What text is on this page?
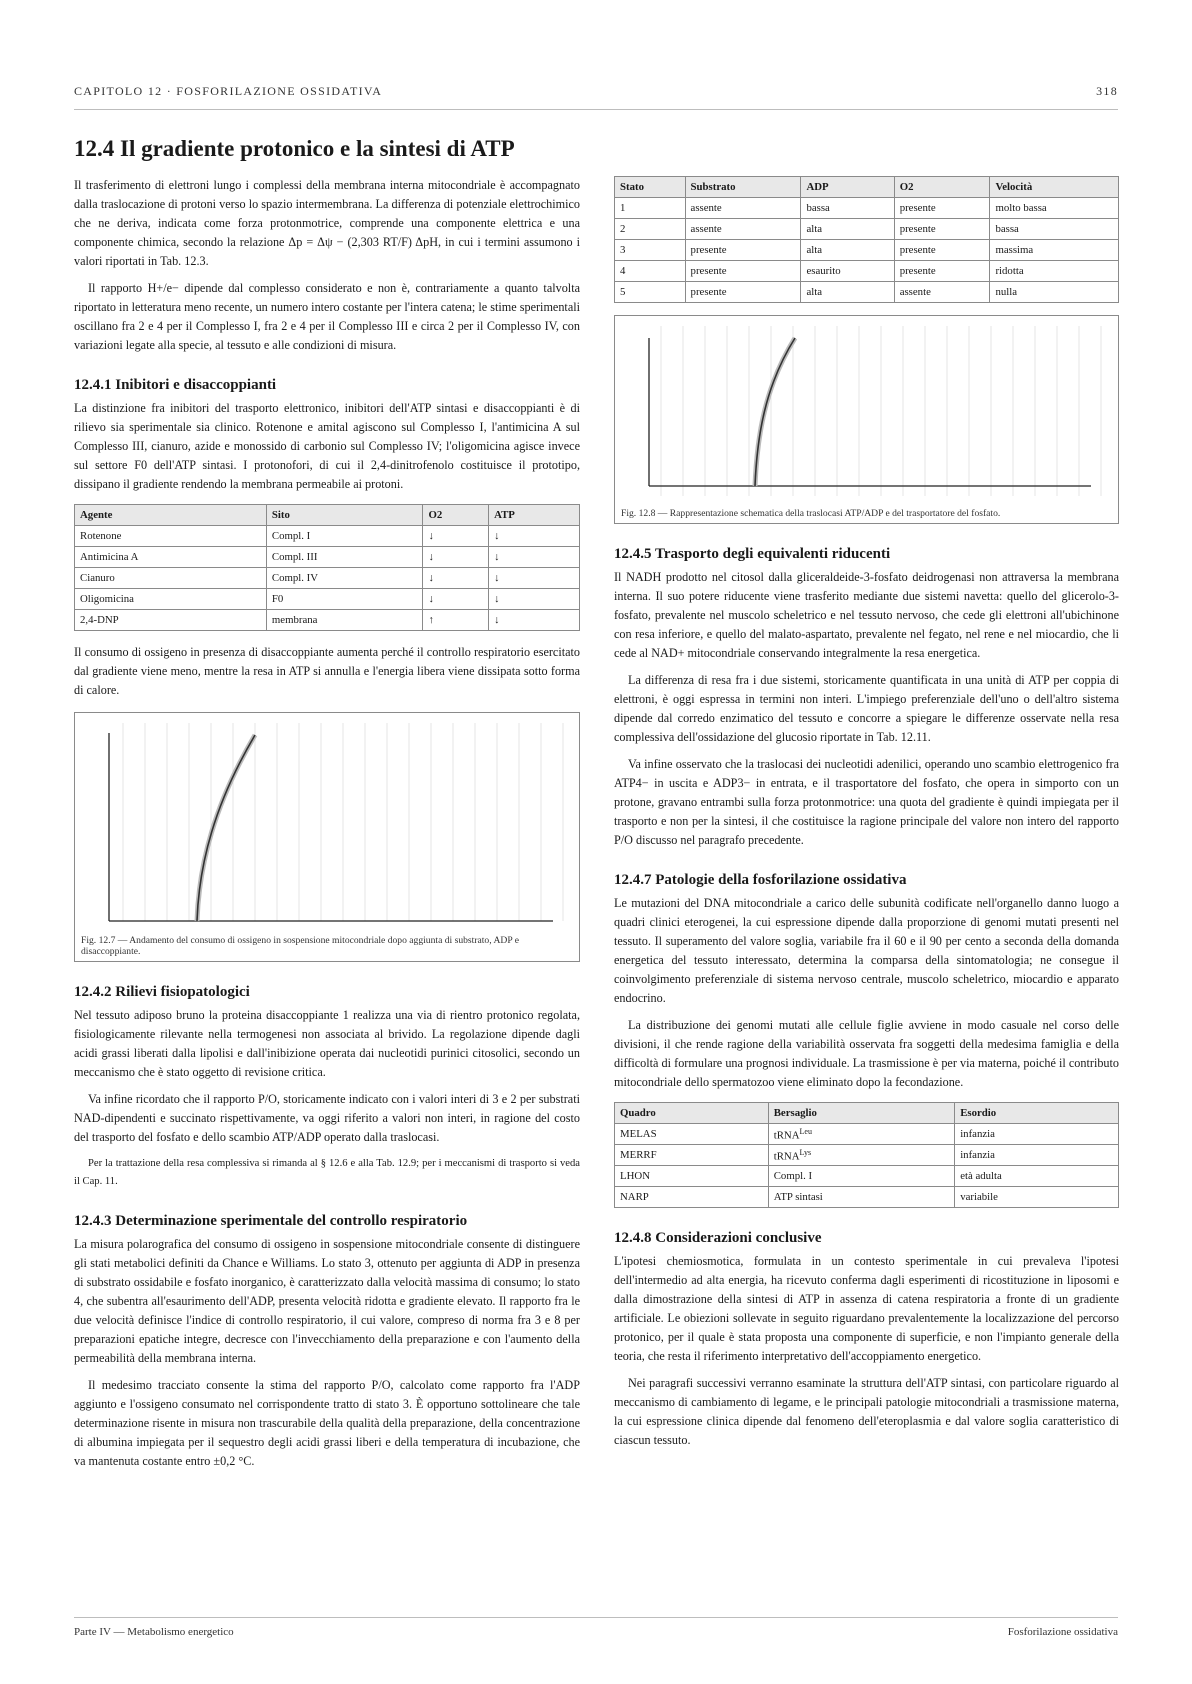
CAPITOLO 12 · FOSFORILAZIONE OSSIDATIVA	318
12.4 Il gradiente protonico e la sintesi di ATP

Il trasferimento di elettroni lungo i complessi della membrana interna mitocondriale è accompagnato dalla traslocazione di protoni verso lo spazio intermembrana. La differenza di potenziale elettrochimico che ne deriva, indicata come forza protonmotrice, comprende una componente elettrica e una componente chimica, secondo la relazione Δp = Δψ − (2,303 RT/F) ΔpH, in cui i termini assumono i valori riportati in Tab. 12.3.

Il rapporto H+/e− dipende dal complesso considerato e non è, contrariamente a quanto talvolta riportato in letteratura meno recente, un numero intero costante per l'intera catena; le stime sperimentali oscillano fra 2 e 4 per il Complesso I, fra 2 e 4 per il Complesso III e circa 2 per il Complesso IV, con variazioni legate alla specie, al tessuto e alle condizioni di misura.

12.4.1 Inibitori e disaccoppianti

La distinzione fra inibitori del trasporto elettronico, inibitori dell'ATP sintasi e disaccoppianti è di rilievo sia sperimentale sia clinico. Rotenone e amital agiscono sul Complesso I, l'antimicina A sul Complesso III, cianuro, azide e monossido di carbonio sul Complesso IV; l'oligomicina agisce invece sul settore F0 dell'ATP sintasi. I protonofori, di cui il 2,4-dinitrofenolo costituisce il prototipo, dissipano il gradiente rendendo la membrana permeabile ai protoni.

Agente	Sito	O2	ATP
Rotenone	Compl. I	↓	↓
Antimicina A	Compl. III	↓	↓
Cianuro	Compl. IV	↓	↓
Oligomicina	F0	↓	↓
2,4-DNP	membrana	↑	↓

Il consumo di ossigeno in presenza di disaccoppiante aumenta perché il controllo respiratorio esercitato dal gradiente viene meno, mentre la resa in ATP si annulla e l'energia libera viene dissipata sotto forma di calore.

Fig. 12.7 — Andamento del consumo di ossigeno in sospensione mitocondriale dopo aggiunta di substrato, ADP e disaccoppiante.
12.4.2 Rilievi fisiopatologici

Nel tessuto adiposo bruno la proteina disaccoppiante 1 realizza una via di rientro protonico regolata, fisiologicamente rilevante nella termogenesi non associata al brivido. La regolazione dipende dagli acidi grassi liberati dalla lipolisi e dall'inibizione operata dai nucleotidi purinici citosolici, secondo un meccanismo che è stato oggetto di revisione critica.

Va infine ricordato che il rapporto P/O, storicamente indicato con i valori interi di 3 e 2 per substrati NAD-dipendenti e succinato rispettivamente, va oggi riferito a valori non interi, in ragione del costo del trasporto del fosfato e dello scambio ATP/ADP operato dalla traslocasi.

Per la trattazione della resa complessiva si rimanda al § 12.6 e alla Tab. 12.9; per i meccanismi di trasporto si veda il Cap. 11.

12.4.3 Determinazione sperimentale del controllo respiratorio

La misura polarografica del consumo di ossigeno in sospensione mitocondriale consente di distinguere gli stati metabolici definiti da Chance e Williams. Lo stato 3, ottenuto per aggiunta di ADP in presenza di substrato ossidabile e fosfato inorganico, è caratterizzato dalla velocità massima di consumo; lo stato 4, che subentra all'esaurimento dell'ADP, presenta velocità ridotta e gradiente elevato. Il rapporto fra le due velocità definisce l'indice di controllo respiratorio, il cui valore, compreso di norma fra 3 e 8 per preparazioni epatiche integre, decresce con l'invecchiamento della preparazione e con l'aumento della permeabilità della membrana interna.

Il medesimo tracciato consente la stima del rapporto P/O, calcolato come rapporto fra l'ADP aggiunto e l'ossigeno consumato nel corrispondente tratto di stato 3. È opportuno sottolineare che tale determinazione risente in misura non trascurabile della qualità della preparazione, della concentrazione di albumina impiegata per il sequestro degli acidi grassi liberi e della temperatura di incubazione, che va mantenuta costante entro ±0,2 °C.

Stato	Substrato	ADP	O2	Velocità
1	assente	bassa	presente	molto bassa
2	assente	alta	presente	bassa
3	presente	alta	presente	massima
4	presente	esaurito	presente	ridotta
5	presente	alta	assente	nulla
Fig. 12.8 — Rappresentazione schematica della traslocasi ATP/ADP e del trasportatore del fosfato.
12.4.5 Trasporto degli equivalenti riducenti

Il NADH prodotto nel citosol dalla gliceraldeide-3-fosfato deidrogenasi non attraversa la membrana interna. Il suo potere riducente viene trasferito mediante due sistemi navetta: quello del glicerolo-3-fosfato, prevalente nel muscolo scheletrico e nel tessuto nervoso, che cede gli elettroni all'ubichinone con resa inferiore, e quello del malato-aspartato, prevalente nel fegato, nel rene e nel miocardio, che li cede al NAD+ mitocondriale conservando integralmente la resa energetica.

La differenza di resa fra i due sistemi, storicamente quantificata in una unità di ATP per coppia di elettroni, è oggi espressa in termini non interi. L'impiego preferenziale dell'uno o dell'altro sistema dipende dal corredo enzimatico del tessuto e concorre a spiegare le differenze osservate nella resa complessiva dell'ossidazione del glucosio riportate in Tab. 12.11.

Va infine osservato che la traslocasi dei nucleotidi adenilici, operando uno scambio elettrogenico fra ATP4− in uscita e ADP3− in entrata, e il trasportatore del fosfato, che opera in simporto con un protone, gravano entrambi sulla forza protonmotrice: una quota del gradiente è quindi impiegata per il trasporto e non per la sintesi, il che costituisce la ragione principale del valore non intero del rapporto P/O discusso nel paragrafo precedente.

12.4.7 Patologie della fosforilazione ossidativa

Le mutazioni del DNA mitocondriale a carico delle subunità codificate nell'organello danno luogo a quadri clinici eterogenei, la cui espressione dipende dalla proporzione di genomi mutati presenti nel tessuto. Il superamento del valore soglia, variabile fra il 60 e il 90 per cento a seconda della domanda energetica del tessuto interessato, determina la comparsa della sintomatologia; ne consegue il coinvolgimento preferenziale di sistema nervoso centrale, muscolo scheletrico, miocardio e apparato endocrino.

La distribuzione dei genomi mutati alle cellule figlie avviene in modo casuale nel corso delle divisioni, il che rende ragione della variabilità osservata fra soggetti della medesima famiglia e della difficoltà di formulare una prognosi individuale. La trasmissione è per via materna, poiché il contributo mitocondriale dello spermatozoo viene eliminato dopo la fecondazione.

Quadro	Bersaglio	Esordio
MELAS	tRNA$^{Leu}$	infanzia
MERRF	tRNA$^{Lys}$	infanzia
LHON	Compl. I	età adulta
NARP	ATP sintasi	variabile
12.4.8 Considerazioni conclusive

L'ipotesi chemiosmotica, formulata in un contesto sperimentale in cui prevaleva l'ipotesi dell'intermedio ad alta energia, ha ricevuto conferma dagli esperimenti di ricostituzione in liposomi e dalla dimostrazione della sintesi di ATP in assenza di catena respiratoria a fronte di un gradiente artificiale. Le obiezioni sollevate in seguito riguardano prevalentemente la localizzazione del percorso protonico, per il quale è stata proposta una componente di superficie, e non l'impianto generale della teoria, che resta il riferimento interpretativo dell'accoppiamento energetico.

Nei paragrafi successivi verranno esaminate la struttura dell'ATP sintasi, con particolare riguardo al meccanismo di cambiamento di legame, e le principali patologie mitocondriali a trasmissione materna, la cui espressione clinica dipende dal fenomeno dell'eteroplasmia e dal valore soglia caratteristico di ciascun tessuto.

Parte IV — Metabolismo energetico	Fosforilazione ossidativa
